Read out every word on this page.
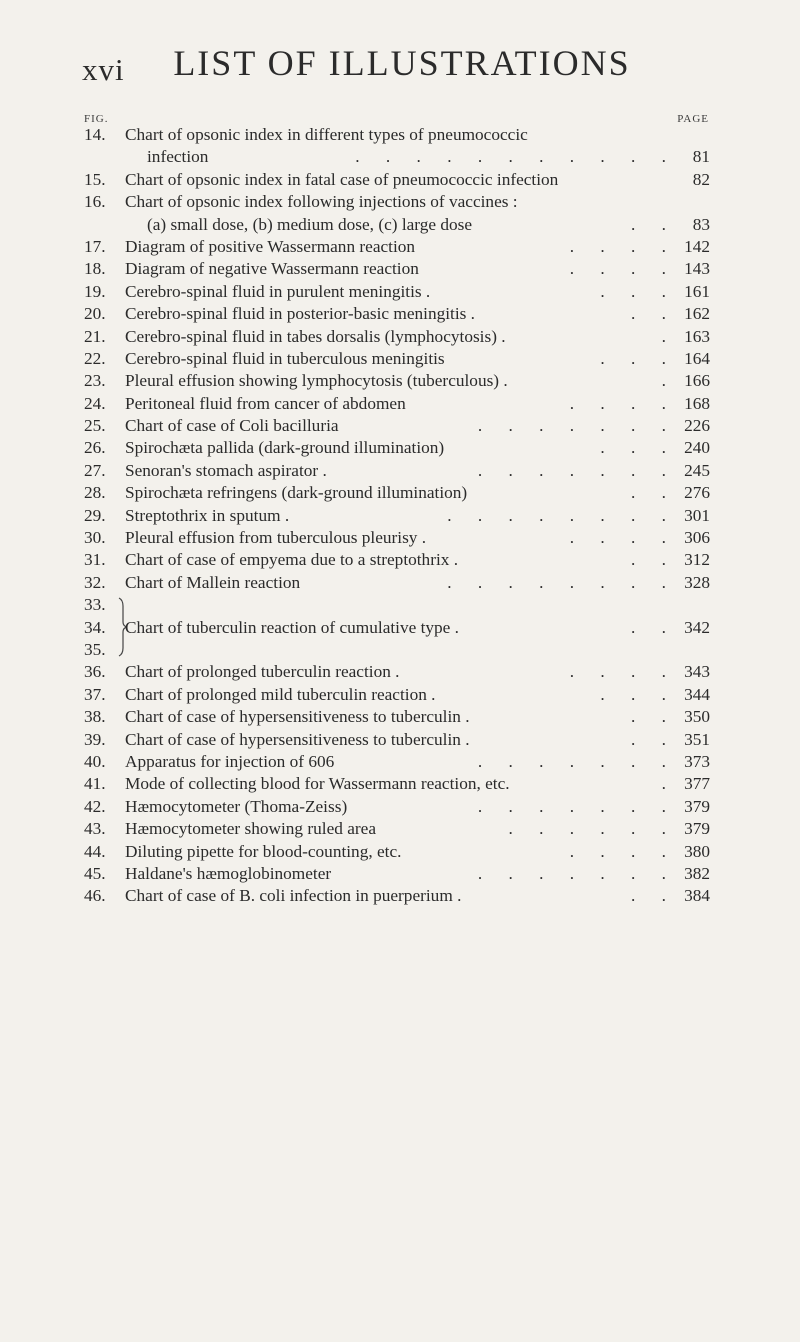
xvi	LIST OF ILLUSTRATIONS
FIG.	PAGE
14. Chart of opsonic index in different types of pneumococcic
infection	. . . . . . . . . . . 81
15. Chart of opsonic index in fatal case of pneumococcic infection	82
16. Chart of opsonic index following injections of vaccines :
(a) small dose, (b) medium dose, (c) large dose	. . 83
17. Diagram of positive Wassermann reaction	. . . . 142
18. Diagram of negative Wassermann reaction	. . . . 143
19. Cerebro-spinal fluid in purulent meningitis .	. . . 161
20. Cerebro-spinal fluid in posterior-basic meningitis .	. . 162
21. Cerebro-spinal fluid in tabes dorsalis (lymphocytosis) .	. 163
22. Cerebro-spinal fluid in tuberculous meningitis	. . . 164
23. Pleural effusion showing lymphocytosis (tuberculous) .	. 166
24. Peritoneal fluid from cancer of abdomen	. . . . 168
25. Chart of case of Coli bacilluria	. . . . . . . 226
26. Spirochæta pallida (dark-ground illumination)	. . . 240
27. Senoran's stomach aspirator .	. . . . . . . 245
28. Spirochæta refringens (dark-ground illumination)	. . 276
29. Streptothrix in sputum .	. . . . . . . . 301
30. Pleural effusion from tuberculous pleurisy .	. . . . 306
31. Chart of case of empyema due to a streptothrix .	. . 312
32. Chart of Mallein reaction	. . . . . . . . 328
33.
34. Chart of tuberculin reaction of cumulative type .	. . 342
35.
36. Chart of prolonged tuberculin reaction .	. . . . 343
37. Chart of prolonged mild tuberculin reaction .	. . . 344
38. Chart of case of hypersensitiveness to tuberculin .	. . 350
39. Chart of case of hypersensitiveness to tuberculin .	. . 351
40. Apparatus for injection of 606	. . . . . . . 373
41. Mode of collecting blood for Wassermann reaction, etc.	. 377
42. Hæmocytometer (Thoma-Zeiss)	. . . . . . . 379
43. Hæmocytometer showing ruled area	. . . . . . 379
44. Diluting pipette for blood-counting, etc.	. . . . 380
45. Haldane's hæmoglobinometer	. . . . . . . 382
46. Chart of case of B. coli infection in puerperium .	. . 384
